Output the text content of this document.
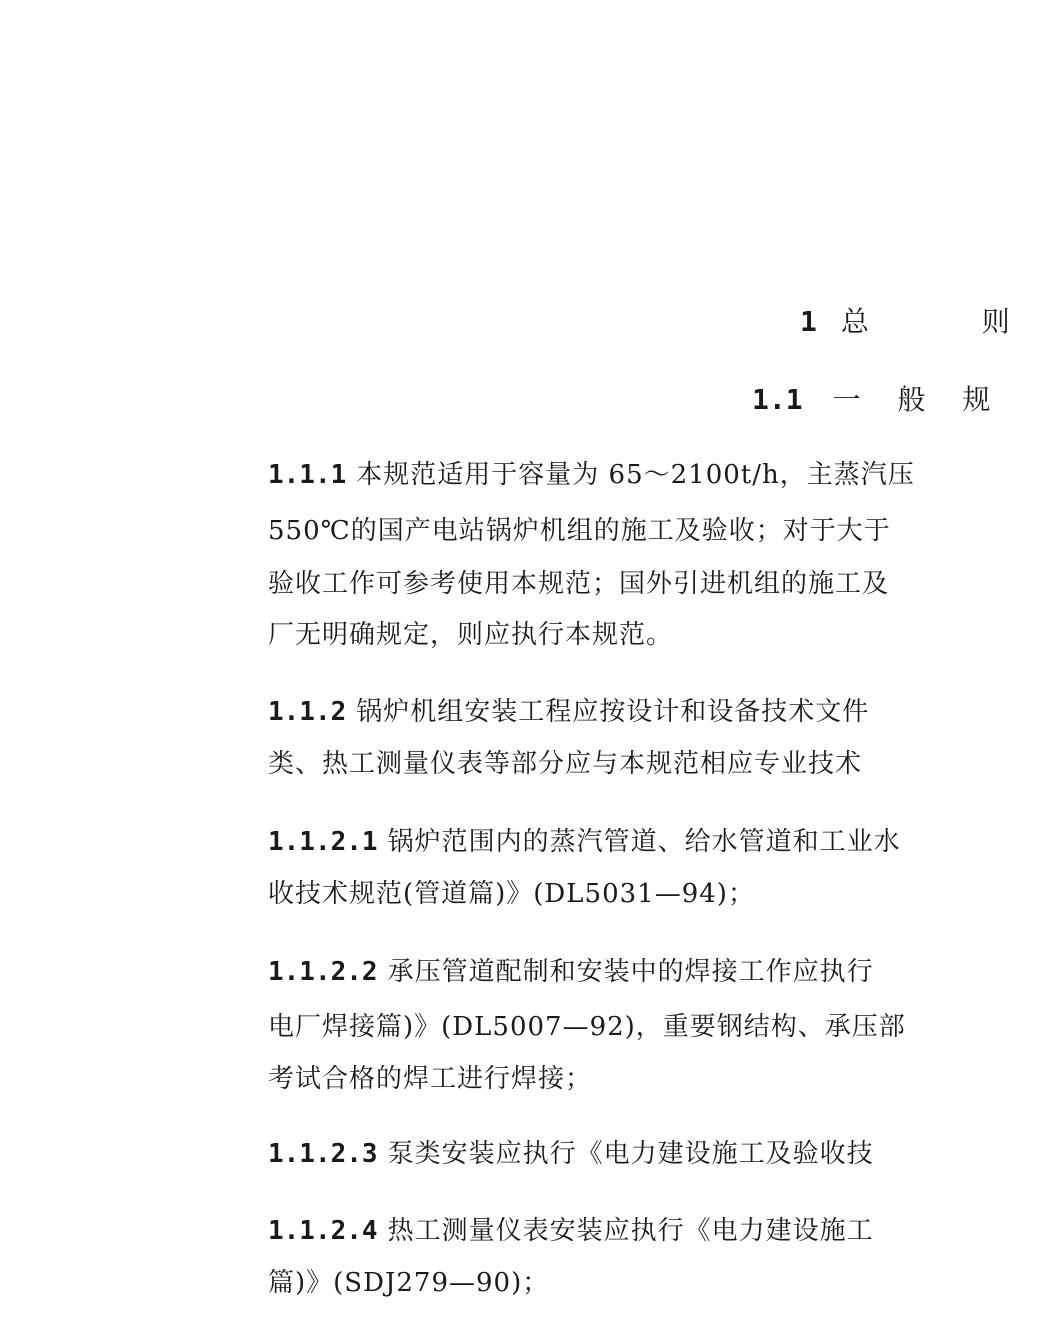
1 总 则
1.1 一 般 规
1.1.1 本规范适用于容量为 65～2100t/h，主蒸汽压
550℃的国产电站锅炉机组的施工及验收；对于大于
验收工作可参考使用本规范；国外引进机组的施工及
厂无明确规定，则应执行本规范。
1.1.2 锅炉机组安装工程应按设计和设备技术文件
类、热工测量仪表等部分应与本规范相应专业技术
1.1.2.1 锅炉范围内的蒸汽管道、给水管道和工业水
收技术规范(管道篇)》(DL5031—94)；
1.1.2.2 承压管道配制和安装中的焊接工作应执行
电厂焊接篇)》(DL5007—92)，重要钢结构、承压部
考试合格的焊工进行焊接；
1.1.2.3 泵类安装应执行《电力建设施工及验收技
1.1.2.4 热工测量仪表安装应执行《电力建设施工
篇)》(SDJ279—90)；
